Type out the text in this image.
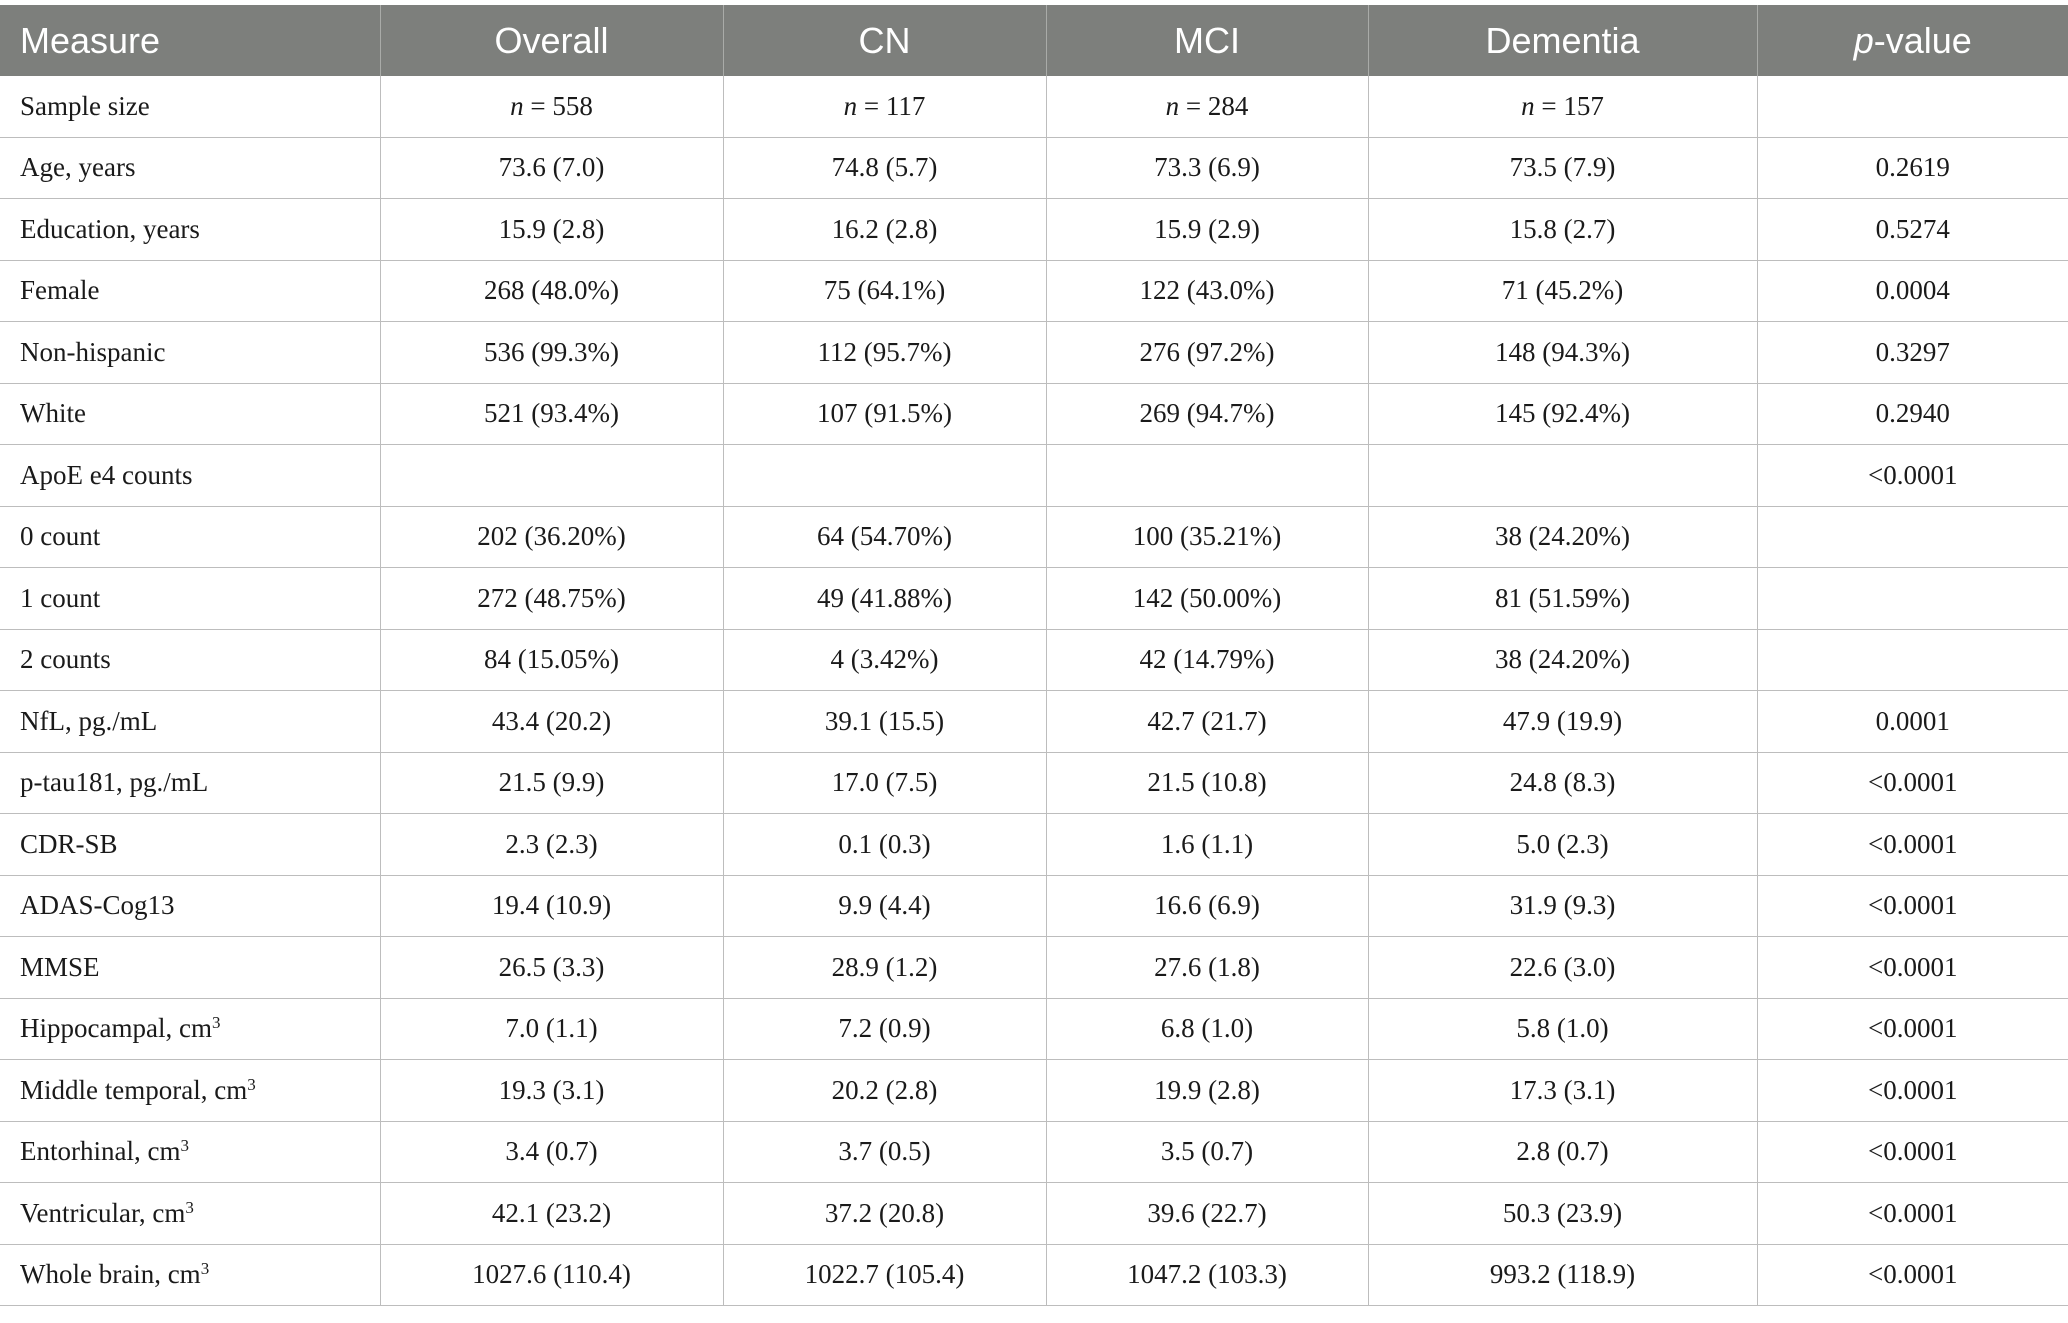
Measure	Overall	CN	MCI	Dementia	p-value
Sample size	n = 558	n = 117	n = 284	n = 157	
Age, years	73.6 (7.0)	74.8 (5.7)	73.3 (6.9)	73.5 (7.9)	0.2619
Education, years	15.9 (2.8)	16.2 (2.8)	15.9 (2.9)	15.8 (2.7)	0.5274
Female	268 (48.0%)	75 (64.1%)	122 (43.0%)	71 (45.2%)	0.0004
Non-hispanic	536 (99.3%)	112 (95.7%)	276 (97.2%)	148 (94.3%)	0.3297
White	521 (93.4%)	107 (91.5%)	269 (94.7%)	145 (92.4%)	0.2940
ApoE e4 counts					<0.0001
0 count	202 (36.20%)	64 (54.70%)	100 (35.21%)	38 (24.20%)	
1 count	272 (48.75%)	49 (41.88%)	142 (50.00%)	81 (51.59%)	
2 counts	84 (15.05%)	4 (3.42%)	42 (14.79%)	38 (24.20%)	
NfL, pg./mL	43.4 (20.2)	39.1 (15.5)	42.7 (21.7)	47.9 (19.9)	0.0001
p-tau181, pg./mL	21.5 (9.9)	17.0 (7.5)	21.5 (10.8)	24.8 (8.3)	<0.0001
CDR-SB	2.3 (2.3)	0.1 (0.3)	1.6 (1.1)	5.0 (2.3)	<0.0001
ADAS-Cog13	19.4 (10.9)	9.9 (4.4)	16.6 (6.9)	31.9 (9.3)	<0.0001
MMSE	26.5 (3.3)	28.9 (1.2)	27.6 (1.8)	22.6 (3.0)	<0.0001
Hippocampal, $cm^3$	7.0 (1.1)	7.2 (0.9)	6.8 (1.0)	5.8 (1.0)	<0.0001
Middle temporal, $cm^3$	19.3 (3.1)	20.2 (2.8)	19.9 (2.8)	17.3 (3.1)	<0.0001
Entorhinal, $cm^3$	3.4 (0.7)	3.7 (0.5)	3.5 (0.7)	2.8 (0.7)	<0.0001
Ventricular, $cm^3$	42.1 (23.2)	37.2 (20.8)	39.6 (22.7)	50.3 (23.9)	<0.0001
Whole brain, $cm^3$	1027.6 (110.4)	1022.7 (105.4)	1047.2 (103.3)	993.2 (118.9)	<0.0001
